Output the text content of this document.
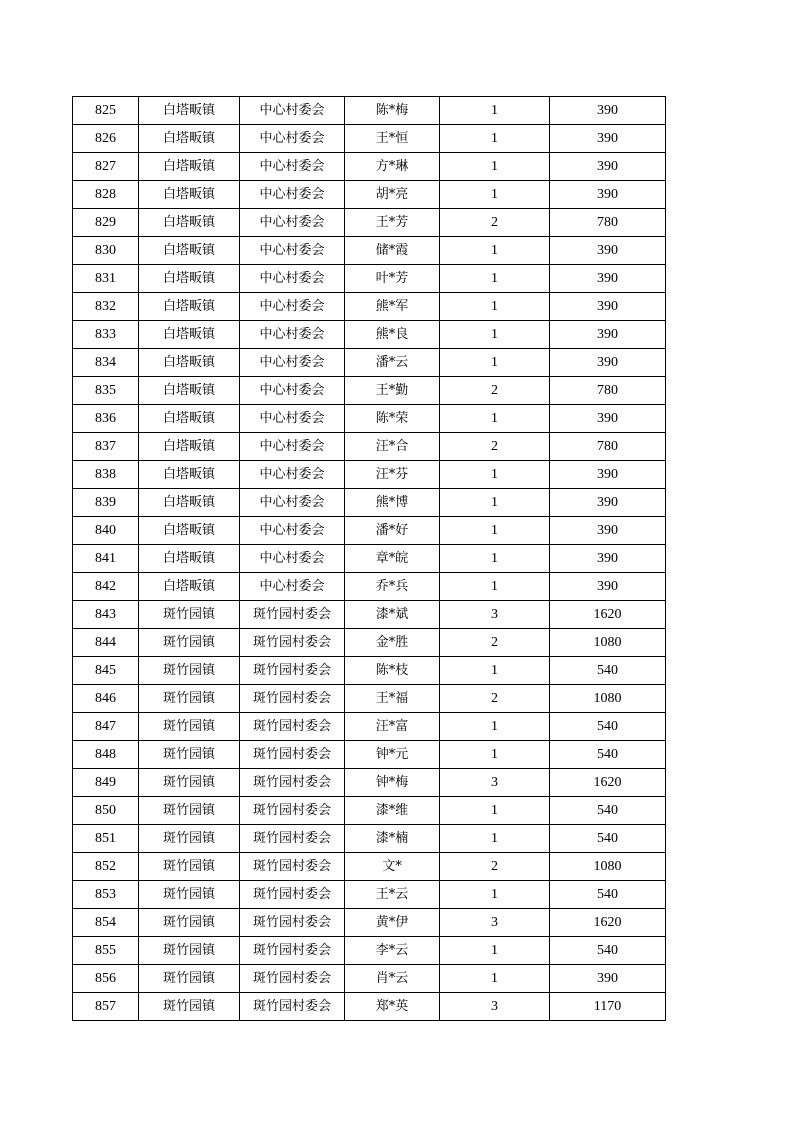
825	白塔畈镇	中心村委会	陈*梅	1	390
826	白塔畈镇	中心村委会	王*恒	1	390
827	白塔畈镇	中心村委会	方*琳	1	390
828	白塔畈镇	中心村委会	胡*亮	1	390
829	白塔畈镇	中心村委会	王*芳	2	780
830	白塔畈镇	中心村委会	储*霞	1	390
831	白塔畈镇	中心村委会	叶*芳	1	390
832	白塔畈镇	中心村委会	熊*军	1	390
833	白塔畈镇	中心村委会	熊*良	1	390
834	白塔畈镇	中心村委会	潘*云	1	390
835	白塔畈镇	中心村委会	王*勤	2	780
836	白塔畈镇	中心村委会	陈*荣	1	390
837	白塔畈镇	中心村委会	汪*合	2	780
838	白塔畈镇	中心村委会	汪*芬	1	390
839	白塔畈镇	中心村委会	熊*博	1	390
840	白塔畈镇	中心村委会	潘*好	1	390
841	白塔畈镇	中心村委会	章*皖	1	390
842	白塔畈镇	中心村委会	乔*兵	1	390
843	斑竹园镇	斑竹园村委会	漆*斌	3	1620
844	斑竹园镇	斑竹园村委会	金*胜	2	1080
845	斑竹园镇	斑竹园村委会	陈*枝	1	540
846	斑竹园镇	斑竹园村委会	王*福	2	1080
847	斑竹园镇	斑竹园村委会	汪*富	1	540
848	斑竹园镇	斑竹园村委会	钟*元	1	540
849	斑竹园镇	斑竹园村委会	钟*梅	3	1620
850	斑竹园镇	斑竹园村委会	漆*维	1	540
851	斑竹园镇	斑竹园村委会	漆*楠	1	540
852	斑竹园镇	斑竹园村委会	文*	2	1080
853	斑竹园镇	斑竹园村委会	王*云	1	540
854	斑竹园镇	斑竹园村委会	黄*伊	3	1620
855	斑竹园镇	斑竹园村委会	李*云	1	540
856	斑竹园镇	斑竹园村委会	肖*云	1	390
857	斑竹园镇	斑竹园村委会	郑*英	3	1170
